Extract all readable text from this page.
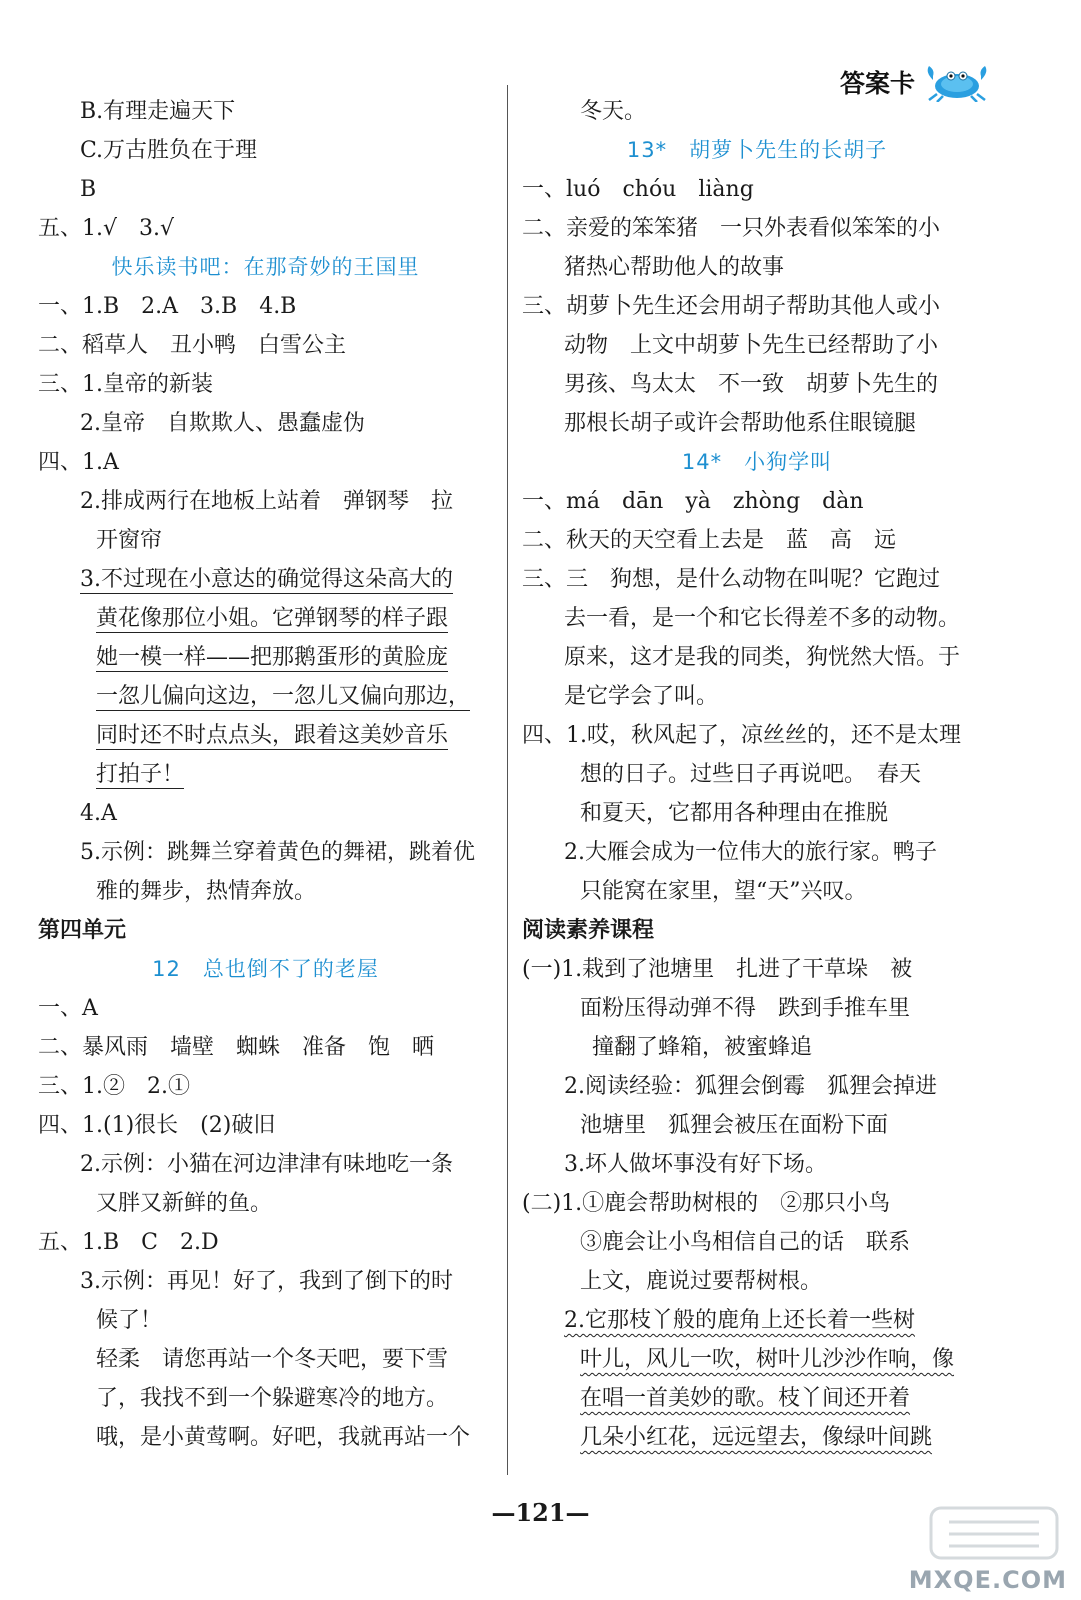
答案卡
B.有理走遍天下
C.万古胜负在于理
B
五、1.√　3.√
快乐读书吧：在那奇妙的王国里
一、1.B　2.A　3.B　4.B
二、稻草人　丑小鸭　白雪公主
三、1.皇帝的新装
2.皇帝　自欺欺人、愚蠢虚伪
四、1.A
2.排成两行在地板上站着　弹钢琴　拉
开窗帘
3.不过现在小意达的确觉得这朵高大的
黄花像那位小姐。它弹钢琴的样子跟
她一模一样——把那鹅蛋形的黄脸庞
一忽儿偏向这边，一忽儿又偏向那边，
同时还不时点点头，跟着这美妙音乐
打拍子！
4.A
5.示例：跳舞兰穿着黄色的舞裙，跳着优
雅的舞步，热情奔放。
第四单元
12　总也倒不了的老屋
一、A
二、暴风雨　墙壁　蜘蛛　准备　饱　晒
三、1.②　2.①
四、1.(1)很长　(2)破旧
2.示例：小猫在河边津津有味地吃一条
又胖又新鲜的鱼。
五、1.B　C　2.D
3.示例：再见！好了，我到了倒下的时
候了！
轻柔　请您再站一个冬天吧，要下雪
了，我找不到一个躲避寒冷的地方。
哦，是小黄莺啊。好吧，我就再站一个
冬天。
13*　胡萝卜先生的长胡子
一、luó　chóu　liàng
二、亲爱的笨笨猪　一只外表看似笨笨的小
猪热心帮助他人的故事
三、胡萝卜先生还会用胡子帮助其他人或小
动物　上文中胡萝卜先生已经帮助了小
男孩、鸟太太　不一致　胡萝卜先生的
那根长胡子或许会帮助他系住眼镜腿
14*　小狗学叫
一、má　dān　yà　zhòng　dàn
二、秋天的天空看上去是　蓝　高　远
三、三　狗想，是什么动物在叫呢？它跑过
去一看，是一个和它长得差不多的动物。
原来，这才是我的同类，狗恍然大悟。于
是它学会了叫。
四、1.哎，秋风起了，凉丝丝的，还不是太理
想的日子。过些日子再说吧。　春天
和夏天，它都用各种理由在推脱
2.大雁会成为一位伟大的旅行家。鸭子
只能窝在家里，望“天”兴叹。
阅读素养课程
(一)1.栽到了池塘里　扎进了干草垛　被
面粉压得动弹不得　跌到手推车里
撞翻了蜂箱，被蜜蜂追
2.阅读经验：狐狸会倒霉　狐狸会掉进
池塘里　狐狸会被压在面粉下面
3.坏人做坏事没有好下场。
(二)1.①鹿会帮助树根的　②那只小鸟
③鹿会让小鸟相信自己的话　联系
上文，鹿说过要帮树根。
2.它那枝丫般的鹿角上还长着一些树
叶儿，风儿一吹，树叶儿沙沙作响，像
在唱一首美妙的歌。枝丫间还开着
几朵小红花，远远望去，像绿叶间跳
—121—
MXQE.COM
